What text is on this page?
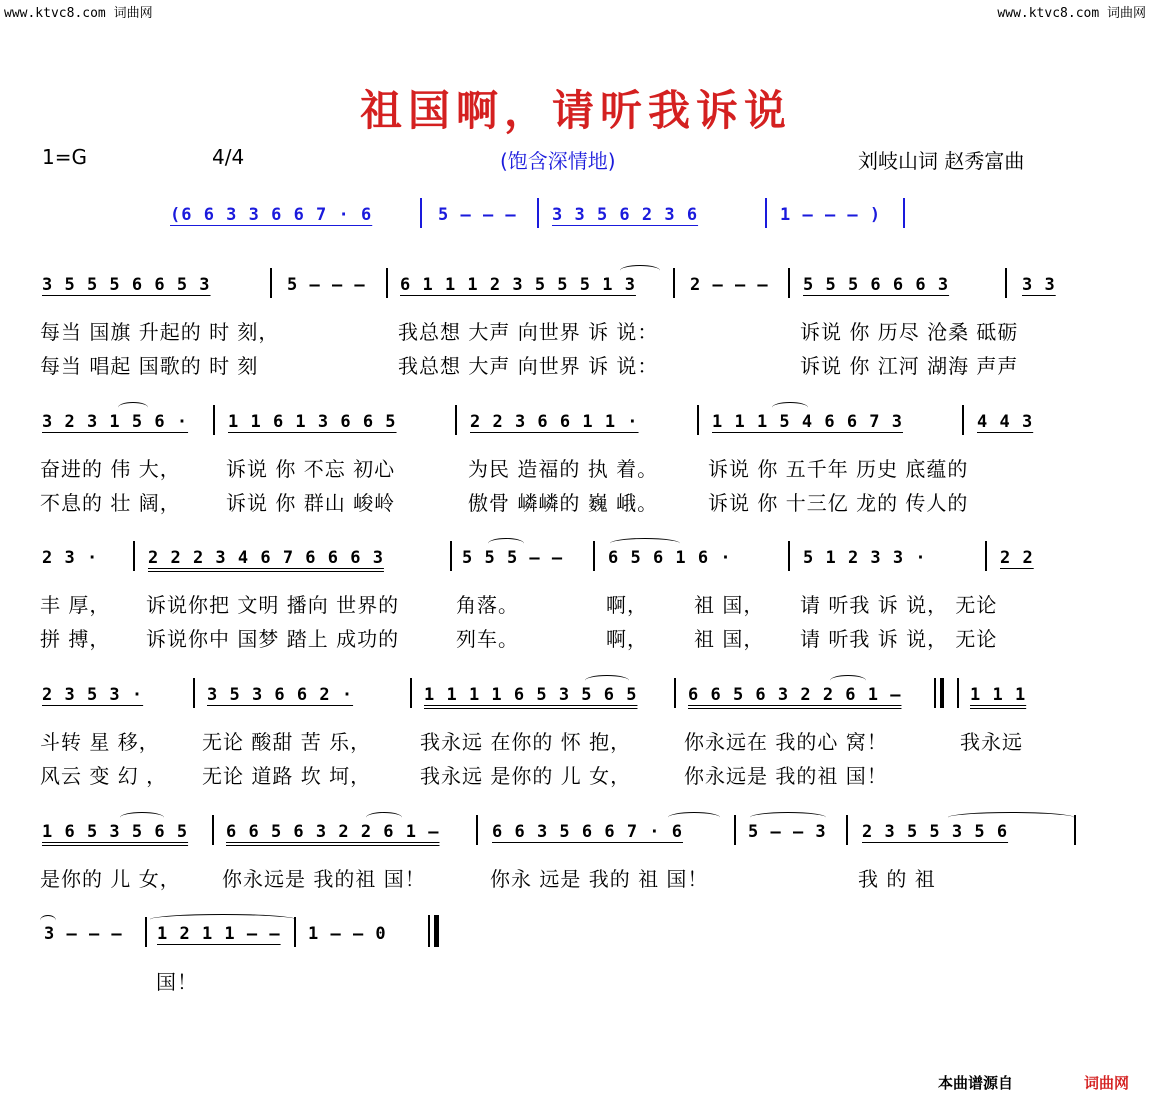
www.ktvc8.com 词曲网	www.ktvc8.com 词曲网
祖国啊，请听我诉说
1=G	4/4	(饱含深情地)	刘岐山词 赵秀富曲
(6 6 3 3 6 6 7 · 6	5 — — — 3 3 5 6 2 3 6	1 — — — )
3 5 5 5 6 6 5 3	5 — — — 6 1 1 1 2 3 5 5 5 1 3	2 — — — 5 5 5 6 6 6 3	3 3
每当 国旗 升起的 时 刻，	我总想 大声 向世界 诉 说：	诉说 你 历尽 沧桑 砥砺
每当 唱起 国歌的 时 刻	我总想 大声 向世界 诉 说：	诉说 你 江河 湖海 声声
3 2 3 1 5 6 · 1 1 6 1 3 6 6 5	2 2 3 6 6 1 1 ·	1 1 1 5 4 6 6 7 3	4 4 3
奋进的 伟 大， 诉说 你 不忘 初心	为民 造福的 执 着。 诉说 你 五千年 历史 底蕴的
不息的 壮 阔， 诉说 你 群山 峻岭	傲骨 嶙嶙的 巍 峨。 诉说 你 十三亿 龙的 传人的
2 3 ·	2 2 2 3 4 6 7 6 6 6 3	5 5 5 — —	6 5 6 1 6 ·	5 1 2 3 3 ·	2 2
丰 厚， 诉说你把 文明 播向 世界的	角落。	啊， 祖 国， 请 听我 诉 说， 无论
拼 搏， 诉说你中 国梦 踏上 成功的	列车。	啊， 祖 国， 请 听我 诉 说， 无论
2 3 5 3 ·	3 5 3 6 6 2 ·	1 1 1 1 6 5 3 5 6 5	6 6 5 6 3 2 2 6 1 —	1 1 1
斗转 星 移， 无论 酸甜 苦 乐， 我永远 在你的 怀 抱，	你永远在 我的心 窝！	我永远
风云 变 幻 ， 无论 道路 坎 坷， 我永远 是你的 儿 女，	你永远是 我的祖 国！
1 6 5 3 5 6 5 6 6 5 6 3 2 2 6 1 —	6 6 3 5 6 6 7 · 6	5 — — 3 2 3 5 5 3 5 6
是你的 儿 女， 你永远是 我的祖 国！	你永 远是 我的 祖 国！	我 的 祖
3 — — — 1 2 1 1 — — 1 — — 0
国！
本曲谱源自	词曲网
